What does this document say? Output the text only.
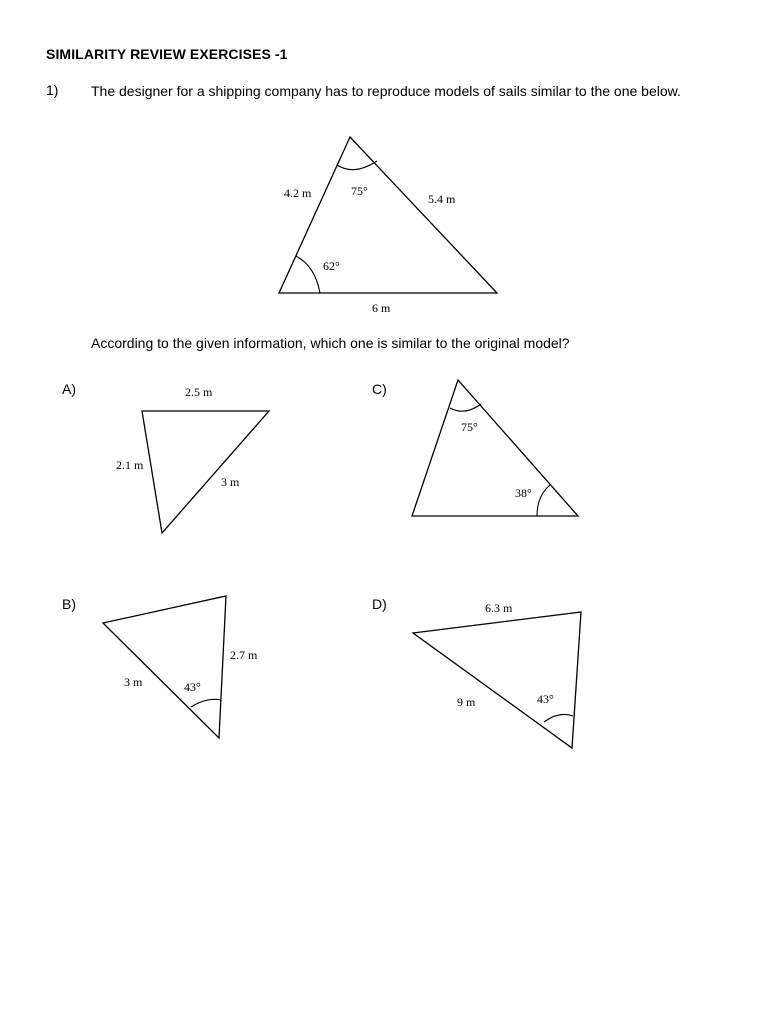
SIMILARITY REVIEW EXERCISES -1
1) The designer for a shipping company has to reproduce models of sails similar to the one below.
According to the given information, which one is similar to the original model?
A)	C)
B)	D)
4.2 m	75°
5.4 m
62°
6 m
2.5 m
2.1 m
3 m
75°
38°
2.7 m
3 m	43°
6.3 m
9 m	43°
